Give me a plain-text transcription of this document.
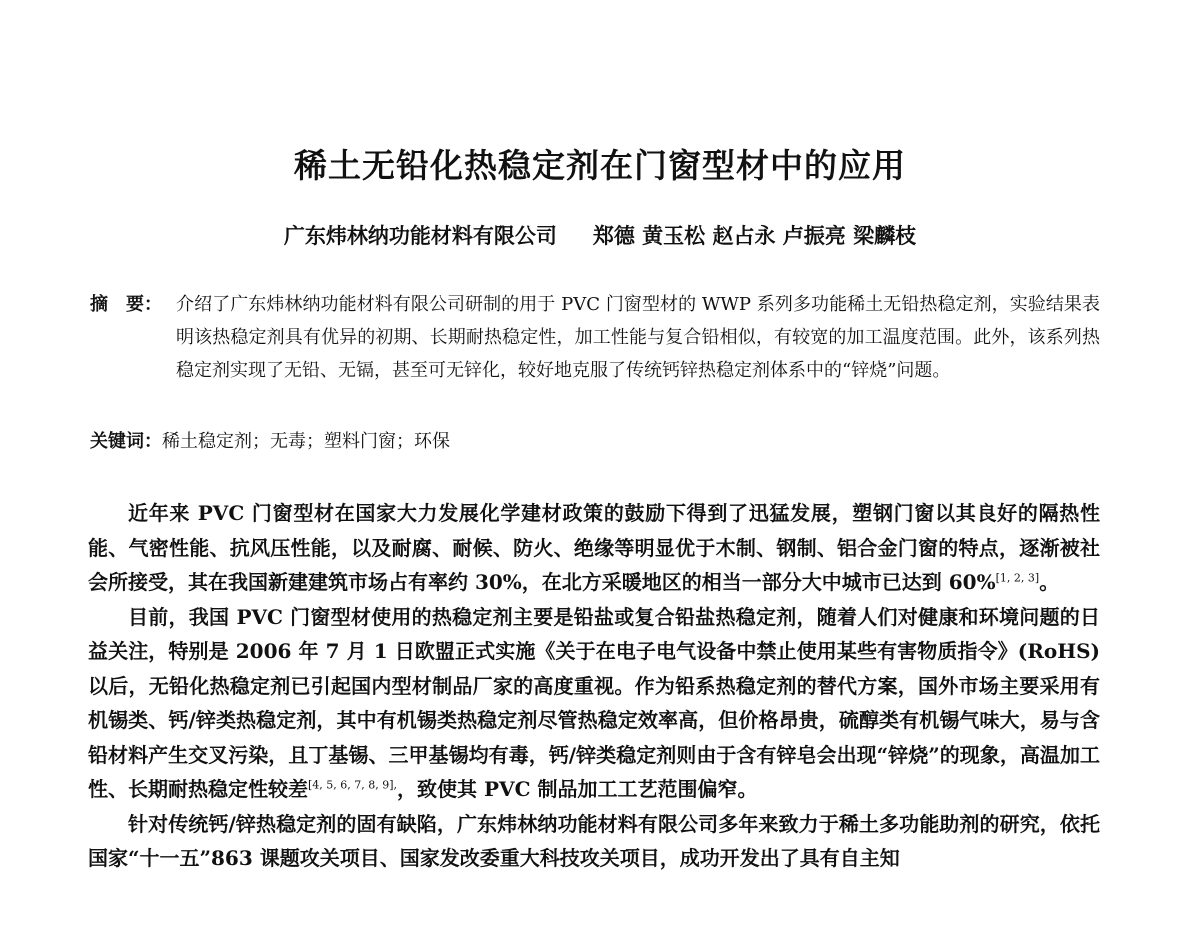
稀土无铅化热稳定剂在门窗型材中的应用
广东炜林纳功能材料有限公司 郑德 黄玉松 赵占永 卢振亮 梁麟枝
摘　要： 介绍了广东炜林纳功能材料有限公司研制的用于 PVC 门窗型材的 WWP 系列多功能稀土无铅热稳定剂，实验结果表明该热稳定剂具有优异的初期、长期耐热稳定性，加工性能与复合铅相似，有较宽的加工温度范围。此外，该系列热稳定剂实现了无铅、无镉，甚至可无锌化，较好地克服了传统钙锌热稳定剂体系中的“锌烧”问题。
关键词：稀土稳定剂；无毒；塑料门窗；环保

近年来 PVC 门窗型材在国家大力发展化学建材政策的鼓励下得到了迅猛发展，塑钢门窗以其良好的隔热性能、气密性能、抗风压性能，以及耐腐、耐候、防火、绝缘等明显优于木制、钢制、铝合金门窗的特点，逐渐被社会所接受，其在我国新建建筑市场占有率约 30%，在北方采暖地区的相当一部分大中城市已达到 60%[1, 2, 3]。

目前，我国 PVC 门窗型材使用的热稳定剂主要是铅盐或复合铅盐热稳定剂，随着人们对健康和环境问题的日益关注，特别是 2006 年 7 月 1 日欧盟正式实施《关于在电子电气设备中禁止使用某些有害物质指令》(RoHS)以后，无铅化热稳定剂已引起国内型材制品厂家的高度重视。作为铅系热稳定剂的替代方案，国外市场主要采用有机锡类、钙/锌类热稳定剂，其中有机锡类热稳定剂尽管热稳定效率高，但价格昂贵，硫醇类有机锡气味大，易与含铅材料产生交叉污染，且丁基锡、三甲基锡均有毒，钙/锌类稳定剂则由于含有锌皂会出现“锌烧”的现象，高温加工性、长期耐热稳定性较差$^{[4, 5, 6, 7, 8, 9],}$，致使其 PVC 制品加工工艺范围偏窄。

针对传统钙/锌热稳定剂的固有缺陷，广东炜林纳功能材料有限公司多年来致力于稀土多功能助剂的研究，依托国家“十一五”863 课题攻关项目、国家发改委重大科技攻关项目，成功开发出了具有自主知
